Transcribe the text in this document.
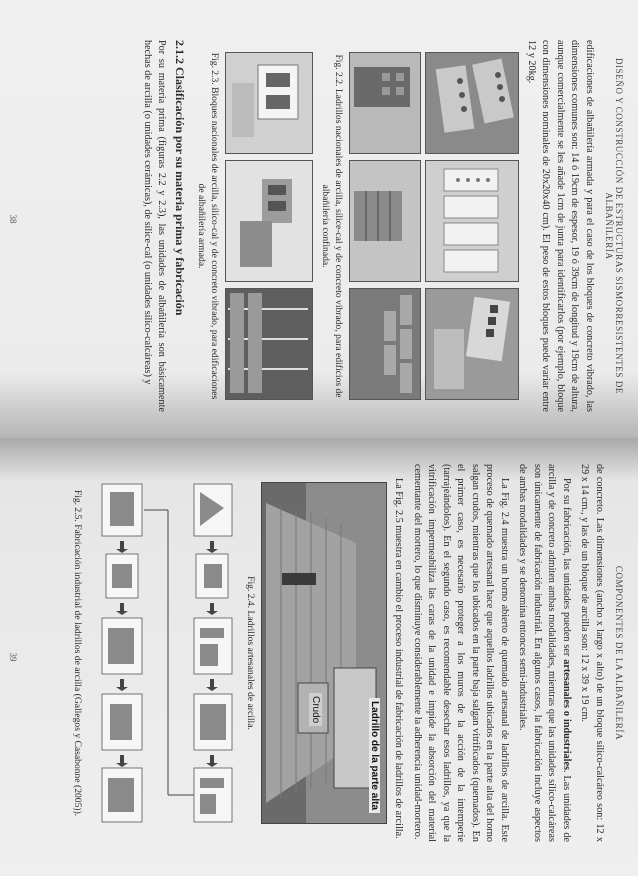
DISEÑO Y CONSTRUCCIÓN DE ESTRUCTURAS SISMORRESISTENTES DE ALBAÑILERÍA

edificaciones de albañilería armada y para el caso de los bloques de concreto vibrado, las dimensiones comunes son: 14 ó 19cm de espesor, 19 ó 39cm de longitud y 19cm de altura, aunque comercialmente se les añade 1cm de junta para identificarlos (por ejemplo, bloque con dimensiones nominales de 20x20x40 cm). El peso de estos bloques puede variar entre 12 y 20kg.

Fig. 2.2. Ladrillos nacionales de arcilla, sílice-cal y de concreto vibrado, para edificios de albañilería confinada.
Fig. 2.3. Bloques nacionales de arcilla, sílico-cal y de concreto vibrado, para edificaciones de albañilería armada.
2.1.2 Clasificación por su materia prima y fabricación

Por su materia prima (figuras 2.2 y 2.3), las unidades de albañilería son básicamente hechas de arcilla (o unidades cerámicas), de sílice-cal (o unidades sílico-calcáreas) y

38
COMPONENTES DE LA ALBAÑILERÍA

de concreto. Las dimensiones (ancho x largo x alto) de un bloque sílico-calcáreo son: 12 x 29 x 14 cm., y las de un bloque de arcilla son: 12 x 39 x 19 cm.

Por su fabricación, las unidades pueden ser artesanales o industriales. Las unidades de arcilla y de concreto admiten ambas modalidades, mientras que las unidades sílico-calcáreas son únicamente de fabricación industrial. En algunos casos, la fabricación incluye aspectos de ambas modalidades y se denomina entonces semi-industriales.

La Fig. 2.4 muestra un horno abierto de quemado artesanal de ladrillos de arcilla. Este proceso de quemado artesanal hace que aquellos ladrillos ubicados en la parte alta del horno salgan crudos, mientras que los ubicados en la parte baja salgan vitrificados (quemados). En el primer caso, es necesario proteger a los muros de la acción de la intemperie (tarrajeándolos). En el segundo caso, es recomendable desechar esos ladrillos, ya que la vitrificación impermeabiliza las caras de la unidad e impide la absorción del material cementante del mortero, lo que disminuye considerablemente la adherencia unidad-mortero.

La Fig. 2.5 muestra en cambio el proceso industrial de fabricación de ladrillos de arcilla.

Ladrillo de la parte alta
Crudo
Fig. 2.4. Ladrillos artesanales de arcilla.
Fig. 2.5. Fabricación industrial de ladrillos de arcilla (Gallegos y Casabonne (2005)).
39
